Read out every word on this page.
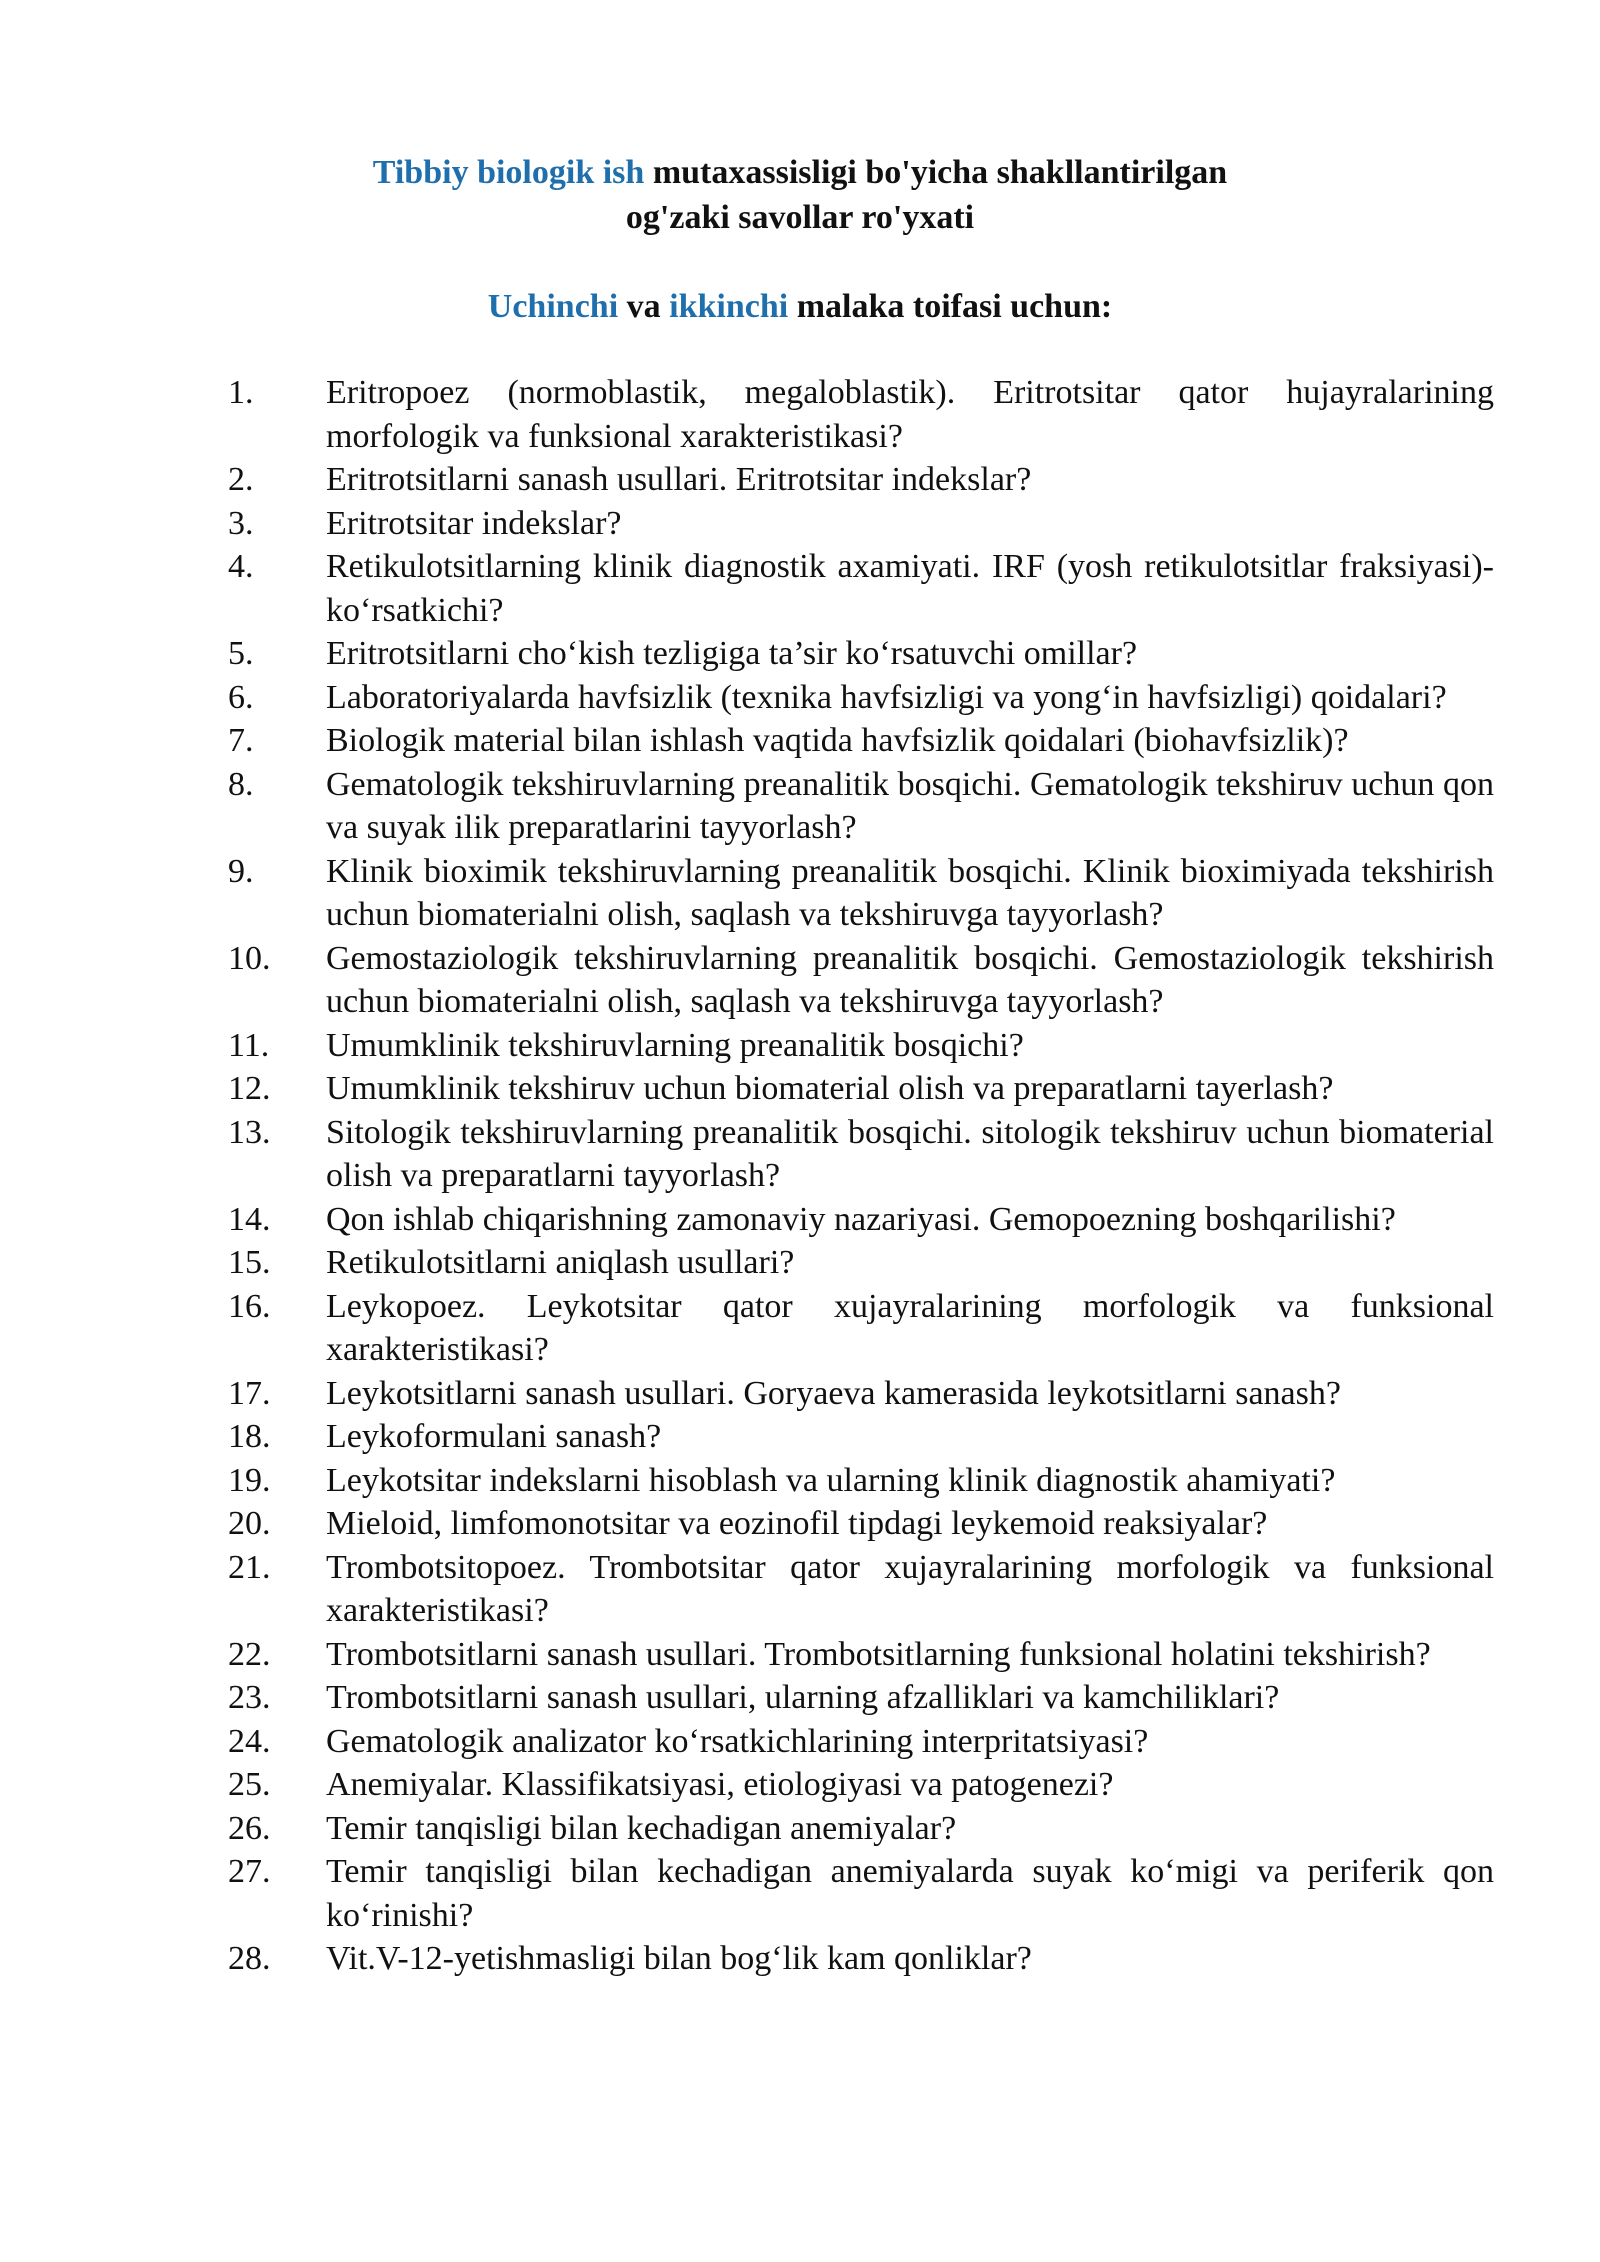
Tibbiy biologik ish mutaxassisligi bo'yicha shakllantirilgan
og'zaki savollar ro'yxati
Uchinchi va ikkinchi malaka toifasi uchun:
1.	Eritropoez (normoblastik, megaloblastik). Eritrotsitar qator hujayralarining morfologik va funksional xarakteristikasi?
2.	Eritrotsitlarni sanash usullari. Eritrotsitar indekslar?
3.	Eritrotsitar indekslar?
4.	Retikulotsitlarning klinik diagnostik axamiyati. IRF (yosh retikulotsitlar fraksiyasi)-ko‘rsatkichi?
5.	Eritrotsitlarni cho‘kish tezligiga ta’sir ko‘rsatuvchi omillar?
6.	Laboratoriyalarda havfsizlik (texnika havfsizligi va yong‘in havfsizligi) qoidalari?
7.	Biologik material bilan ishlash vaqtida havfsizlik qoidalari (biohavfsizlik)?
8.	Gematologik tekshiruvlarning preanalitik bosqichi. Gematologik tekshiruv uchun qon va suyak ilik preparatlarini tayyorlash?
9.	Klinik bioximik tekshiruvlarning preanalitik bosqichi. Klinik bioximiyada tekshirish uchun biomaterialni olish, saqlash va tekshiruvga tayyorlash?
10.	Gemostaziologik tekshiruvlarning preanalitik bosqichi. Gemostaziologik tekshirish uchun biomaterialni olish, saqlash va tekshiruvga tayyorlash?
11.	Umumklinik tekshiruvlarning preanalitik bosqichi?
12.	Umumklinik tekshiruv uchun biomaterial olish va preparatlarni tayerlash?
13.	Sitologik tekshiruvlarning preanalitik bosqichi. sitologik tekshiruv uchun biomaterial olish va preparatlarni tayyorlash?
14.	Qon ishlab chiqarishning zamonaviy nazariyasi. Gemopoezning boshqarilishi?
15.	Retikulotsitlarni aniqlash usullari?
16.	Leykopoez. Leykotsitar qator xujayralarining morfologik va funksional xarakteristikasi?
17.	Leykotsitlarni sanash usullari. Goryaeva kamerasida leykotsitlarni sanash?
18.	Leykoformulani sanash?
19.	Leykotsitar indekslarni hisoblash va ularning klinik diagnostik ahamiyati?
20.	Mieloid, limfomonotsitar va eozinofil tipdagi leykemoid reaksiyalar?
21.	Trombotsitopoez. Trombotsitar qator xujayralarining morfologik va funksional xarakteristikasi?
22.	Trombotsitlarni sanash usullari. Trombotsitlarning funksional holatini tekshirish?
23.	Trombotsitlarni sanash usullari, ularning afzalliklari va kamchiliklari?
24.	Gematologik analizator ko‘rsatkichlarining interpritatsiyasi?
25.	Anemiyalar. Klassifikatsiyasi, etiologiyasi va patogenezi?
26.	Temir tanqisligi bilan kechadigan anemiyalar?
27.	Temir tanqisligi bilan kechadigan anemiyalarda suyak ko‘migi va periferik qon ko‘rinishi?
28.	Vit.V-12-yetishmasligi bilan bog‘lik kam qonliklar?
